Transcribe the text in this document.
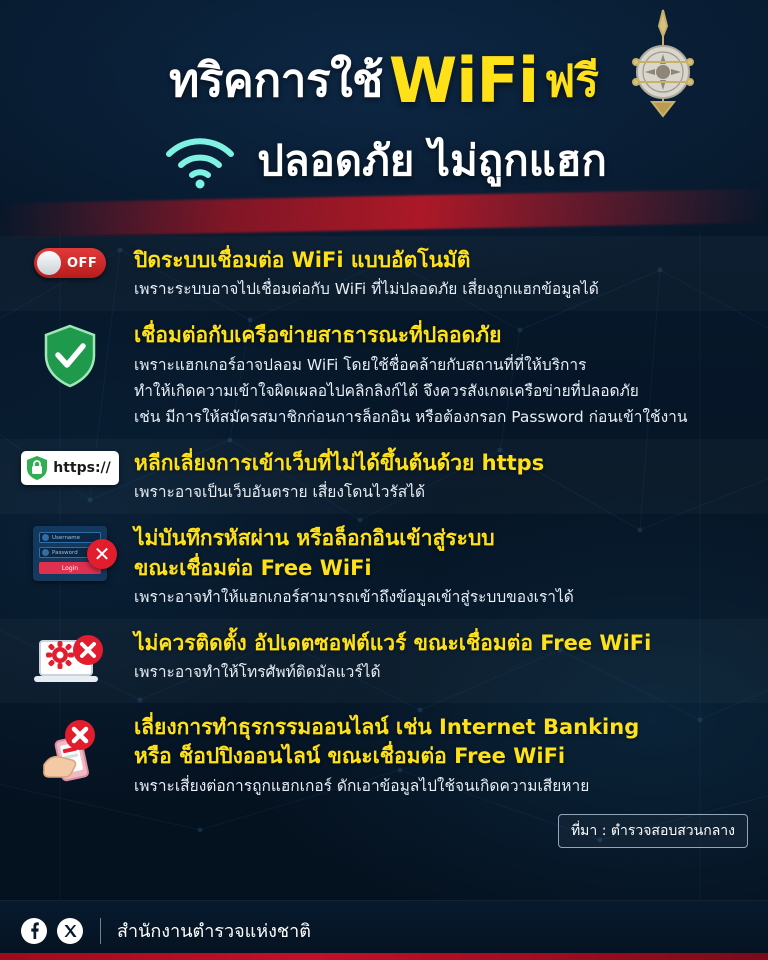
ทริคการใช้ WiFi ฟรี
ปลอดภัย ไม่ถูกแฮก
OFF ปิดระบบเชื่อมต่อ WiFi แบบอัตโนมัติ
เพราะระบบอาจไปเชื่อมต่อกับ WiFi ที่ไม่ปลอดภัย เสี่ยงถูกแฮกข้อมูลได้
เชื่อมต่อกับเครือข่ายสาธารณะที่ปลอดภัย
เพราะแฮกเกอร์อาจปลอม WiFi โดยใช้ชื่อคล้ายกับสถานที่ที่ให้บริการ
ทำให้เกิดความเข้าใจผิดเผลอไปคลิกลิงก์ได้ จึงควรสังเกตเครือข่ายที่ปลอดภัย
เช่น มีการให้สมัครสมาชิกก่อนการล็อกอิน หรือต้องกรอก Password ก่อนเข้าใช้งาน
https:// หลีกเลี่ยงการเข้าเว็บที่ไม่ได้ขึ้นต้นด้วย https
เพราะอาจเป็นเว็บอันตราย เสี่ยงโดนไวรัสได้
Username
Password
Login
✕
ไม่บันทึกรหัสผ่าน หรือล็อกอินเข้าสู่ระบบ
ขณะเชื่อมต่อ Free WiFi
เพราะอาจทำให้แฮกเกอร์สามารถเข้าถึงข้อมูลเข้าสู่ระบบของเราได้
ไม่ควรติดตั้ง อัปเดตซอฟต์แวร์ ขณะเชื่อมต่อ Free WiFi
เพราะอาจทำให้โทรศัพท์ติดมัลแวร์ได้
เลี่ยงการทำธุรกรรมออนไลน์ เช่น Internet Banking
หรือ ช็อปปิงออนไลน์ ขณะเชื่อมต่อ Free WiFi
เพราะเสี่ยงต่อการถูกแฮกเกอร์ ดักเอาข้อมูลไปใช้จนเกิดความเสียหาย
ที่มา : ตำรวจสอบสวนกลาง
สำนักงานตำรวจแห่งชาติ
